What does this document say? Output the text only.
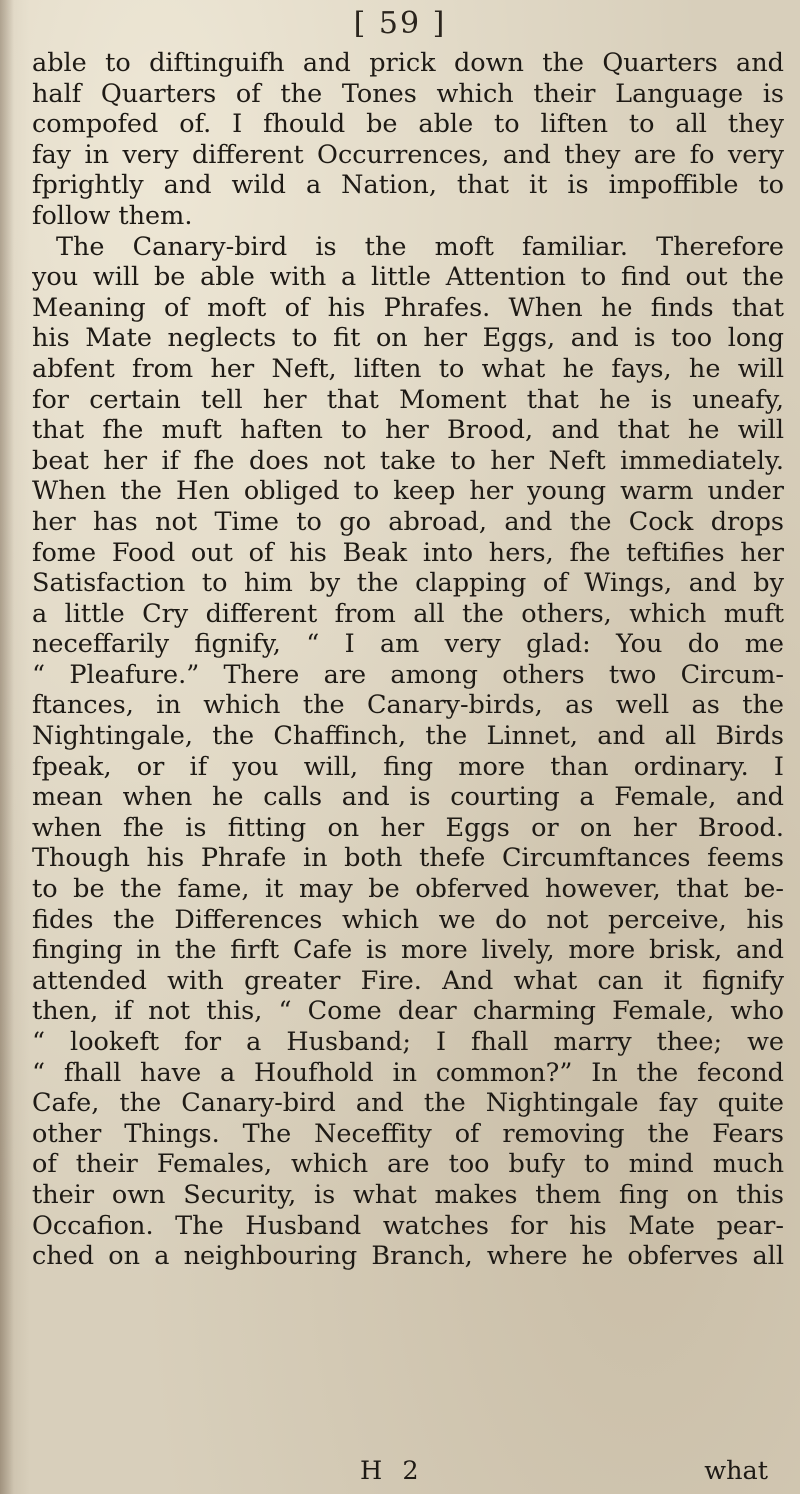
[ 59 ]
able to diftinguifh and prick down the Quarters and
half Quarters of the Tones which their Language is
compofed of. I fhould be able to liften to all they
fay in very different Occurrences, and they are fo very
fprightly and wild a Nation, that it is impoffible to
follow them.
The Canary-bird is the moft familiar. Therefore
you will be able with a little Attention to find out the
Meaning of moft of his Phrafes. When he finds that
his Mate neglects to fit on her Eggs, and is too long
abfent from her Neft, liften to what he fays, he will
for certain tell her that Moment that he is uneafy,
that fhe muft haften to her Brood, and that he will
beat her if fhe does not take to her Neft immediately.
When the Hen obliged to keep her young warm under
her has not Time to go abroad, and the Cock drops
fome Food out of his Beak into hers, fhe teftifies her
Satisfaction to him by the clapping of Wings, and by
a little Cry different from all the others, which muft
neceffarily fignify, “ I am very glad: You do me
“ Pleafure.” There are among others two Circum-
ftances, in which the Canary-birds, as well as the
Nightingale, the Chaffinch, the Linnet, and all Birds
fpeak, or if you will, fing more than ordinary. I
mean when he calls and is courting a Female, and
when fhe is fitting on her Eggs or on her Brood.
Though his Phrafe in both thefe Circumftances feems
to be the fame, it may be obferved however, that be-
fides the Differences which we do not perceive, his
finging in the firft Cafe is more lively, more brisk, and
attended with greater Fire. And what can it fignify
then, if not this, “ Come dear charming Female, who
“ lookeft for a Husband; I fhall marry thee; we
“ fhall have a Houfhold in common?” In the fecond
Cafe, the Canary-bird and the Nightingale fay quite
other Things. The Neceffity of removing the Fears
of their Females, which are too bufy to mind much
their own Security, is what makes them fing on this
Occafion. The Husband watches for his Mate pear-
ched on a neighbouring Branch, where he obferves all
H 2	what
